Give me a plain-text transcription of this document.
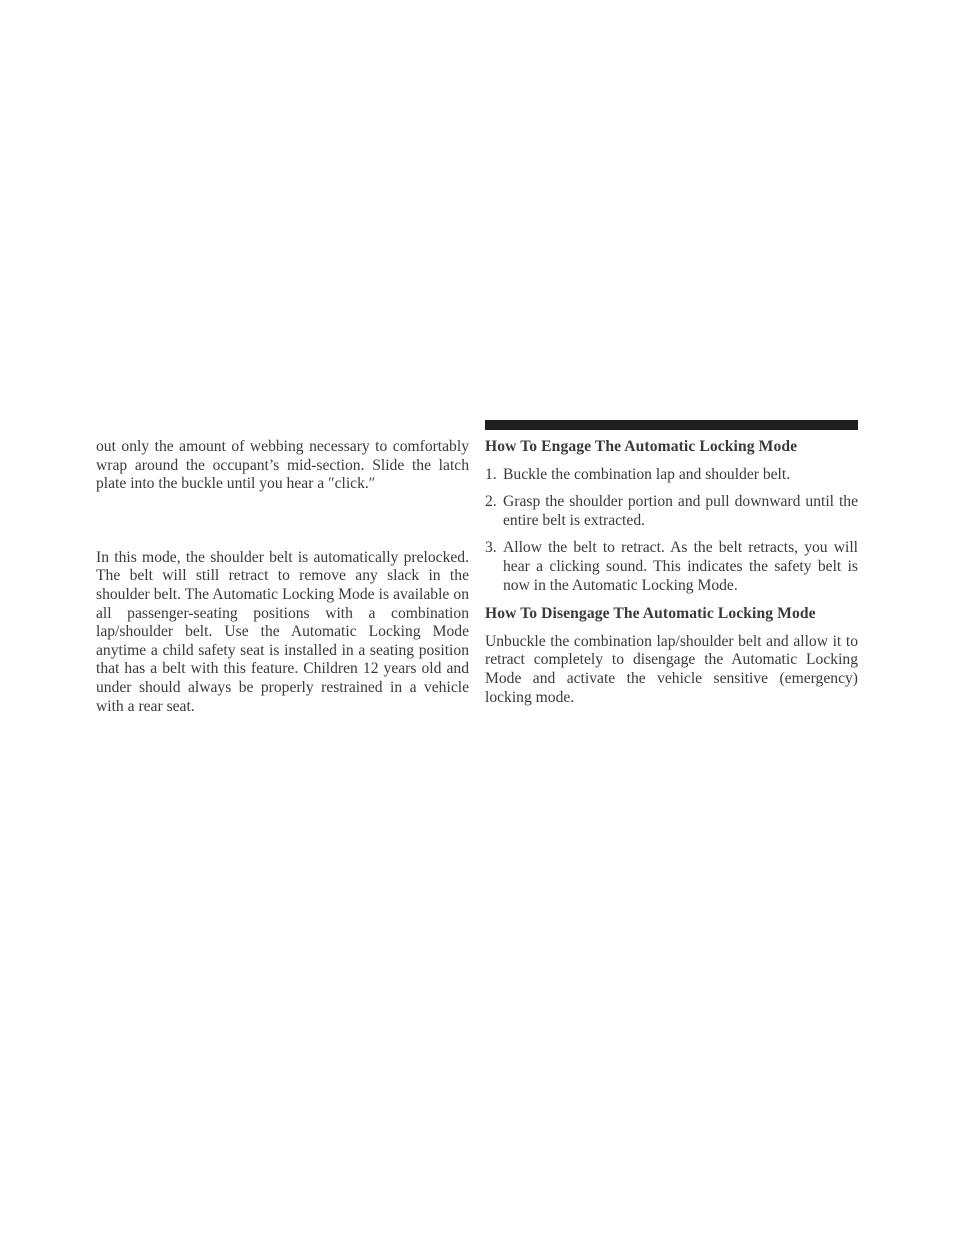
out only the amount of webbing necessary to comfortably wrap around the occupant’s mid-section. Slide the latch plate into the buckle until you hear a ″click.″

In this mode, the shoulder belt is automatically prelocked. The belt will still retract to remove any slack in the shoulder belt. The Automatic Locking Mode is available on all passenger-seating positions with a combination lap/shoulder belt. Use the Automatic Locking Mode anytime a child safety seat is installed in a seating position that has a belt with this feature. Children 12 years old and under should always be properly restrained in a vehicle with a rear seat.

How To Engage The Automatic Locking Mode
1. Buckle the combination lap and shoulder belt.
2. Grasp the shoulder portion and pull downward until the entire belt is extracted.
3. Allow the belt to retract. As the belt retracts, you will hear a clicking sound. This indicates the safety belt is now in the Automatic Locking Mode.
How To Disengage The Automatic Locking Mode

Unbuckle the combination lap/shoulder belt and allow it to retract completely to disengage the Automatic Locking Mode and activate the vehicle sensitive (emergency) locking mode.
